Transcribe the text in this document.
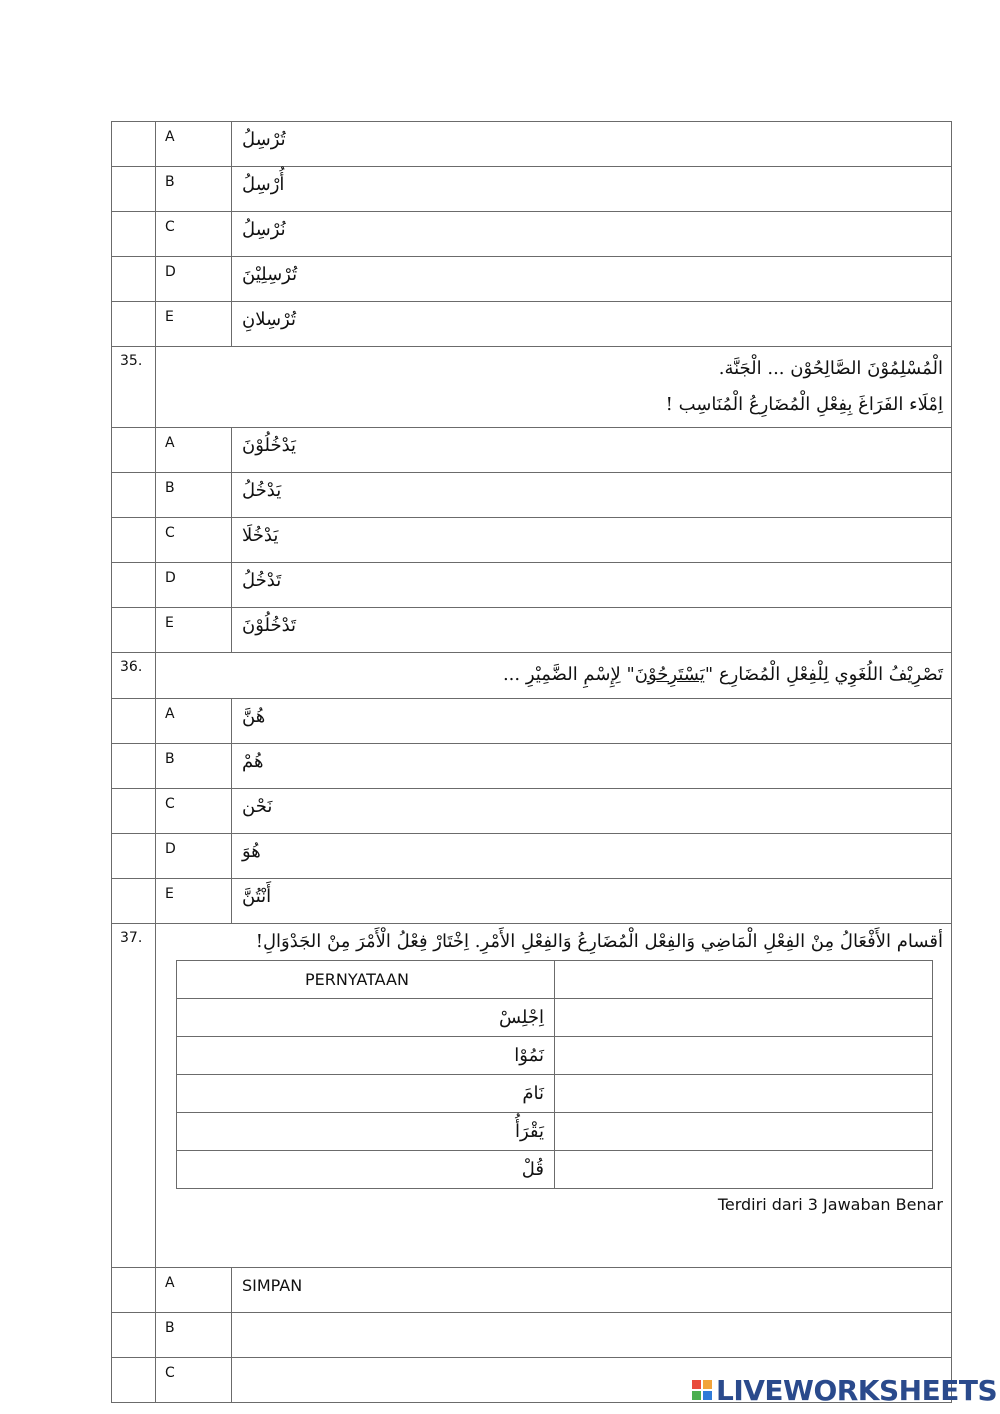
	A	تُرْسِلُ
	B	أُرْسِلُ
	C	نُرْسِلُ
	D	تُرْسِلِيْنَ
	E	تُرْسِلانِ
35.	الْمُسْلِمُوْنَ الصَّالِحُوْن ... الْجَنَّة.

اِمْلَاء الفَرَاغَ بِفِعْلِ الْمُضَارِعُ الْمُنَاسِب !

	A	يَدْخُلُوْنَ
	B	يَدْخُلُ
	C	يَدْخُلَا
	D	تَدْخُلُ
	E	تَدْخُلُوْنَ
36.	تَصْرِيْفُ اللُغَوِي لِلْفِعْلِ الْمُضَارِع "يَسْتَرِحُوْنَ" لِإِسْمِ الضَّمِيْرِ ...

	A	هُنَّ
	B	هُمْ
	C	نَحْن
	D	هُوَ
	E	أَنْتُنَّ
37.	أقسام الأَفْعَالُ مِنْ الفِعْلِ الْمَاضِي وَالفِعْل الْمُضَارِعُ وَالفِعْلِ الأَمْرِ. اِخْتَارْ فِعْلُ الْأَمْرَ مِنْ الجَدْوَالِ!

PERNYATAAN	
اِجْلِسْ	
نَمُوْا	
نَامَ	
يَقْرَأُ	
قُلْ	
Terdiri dari 3 Jawaban Benar

	A	SIMPAN
	B	
	C	
LIVEWORKSHEETS
